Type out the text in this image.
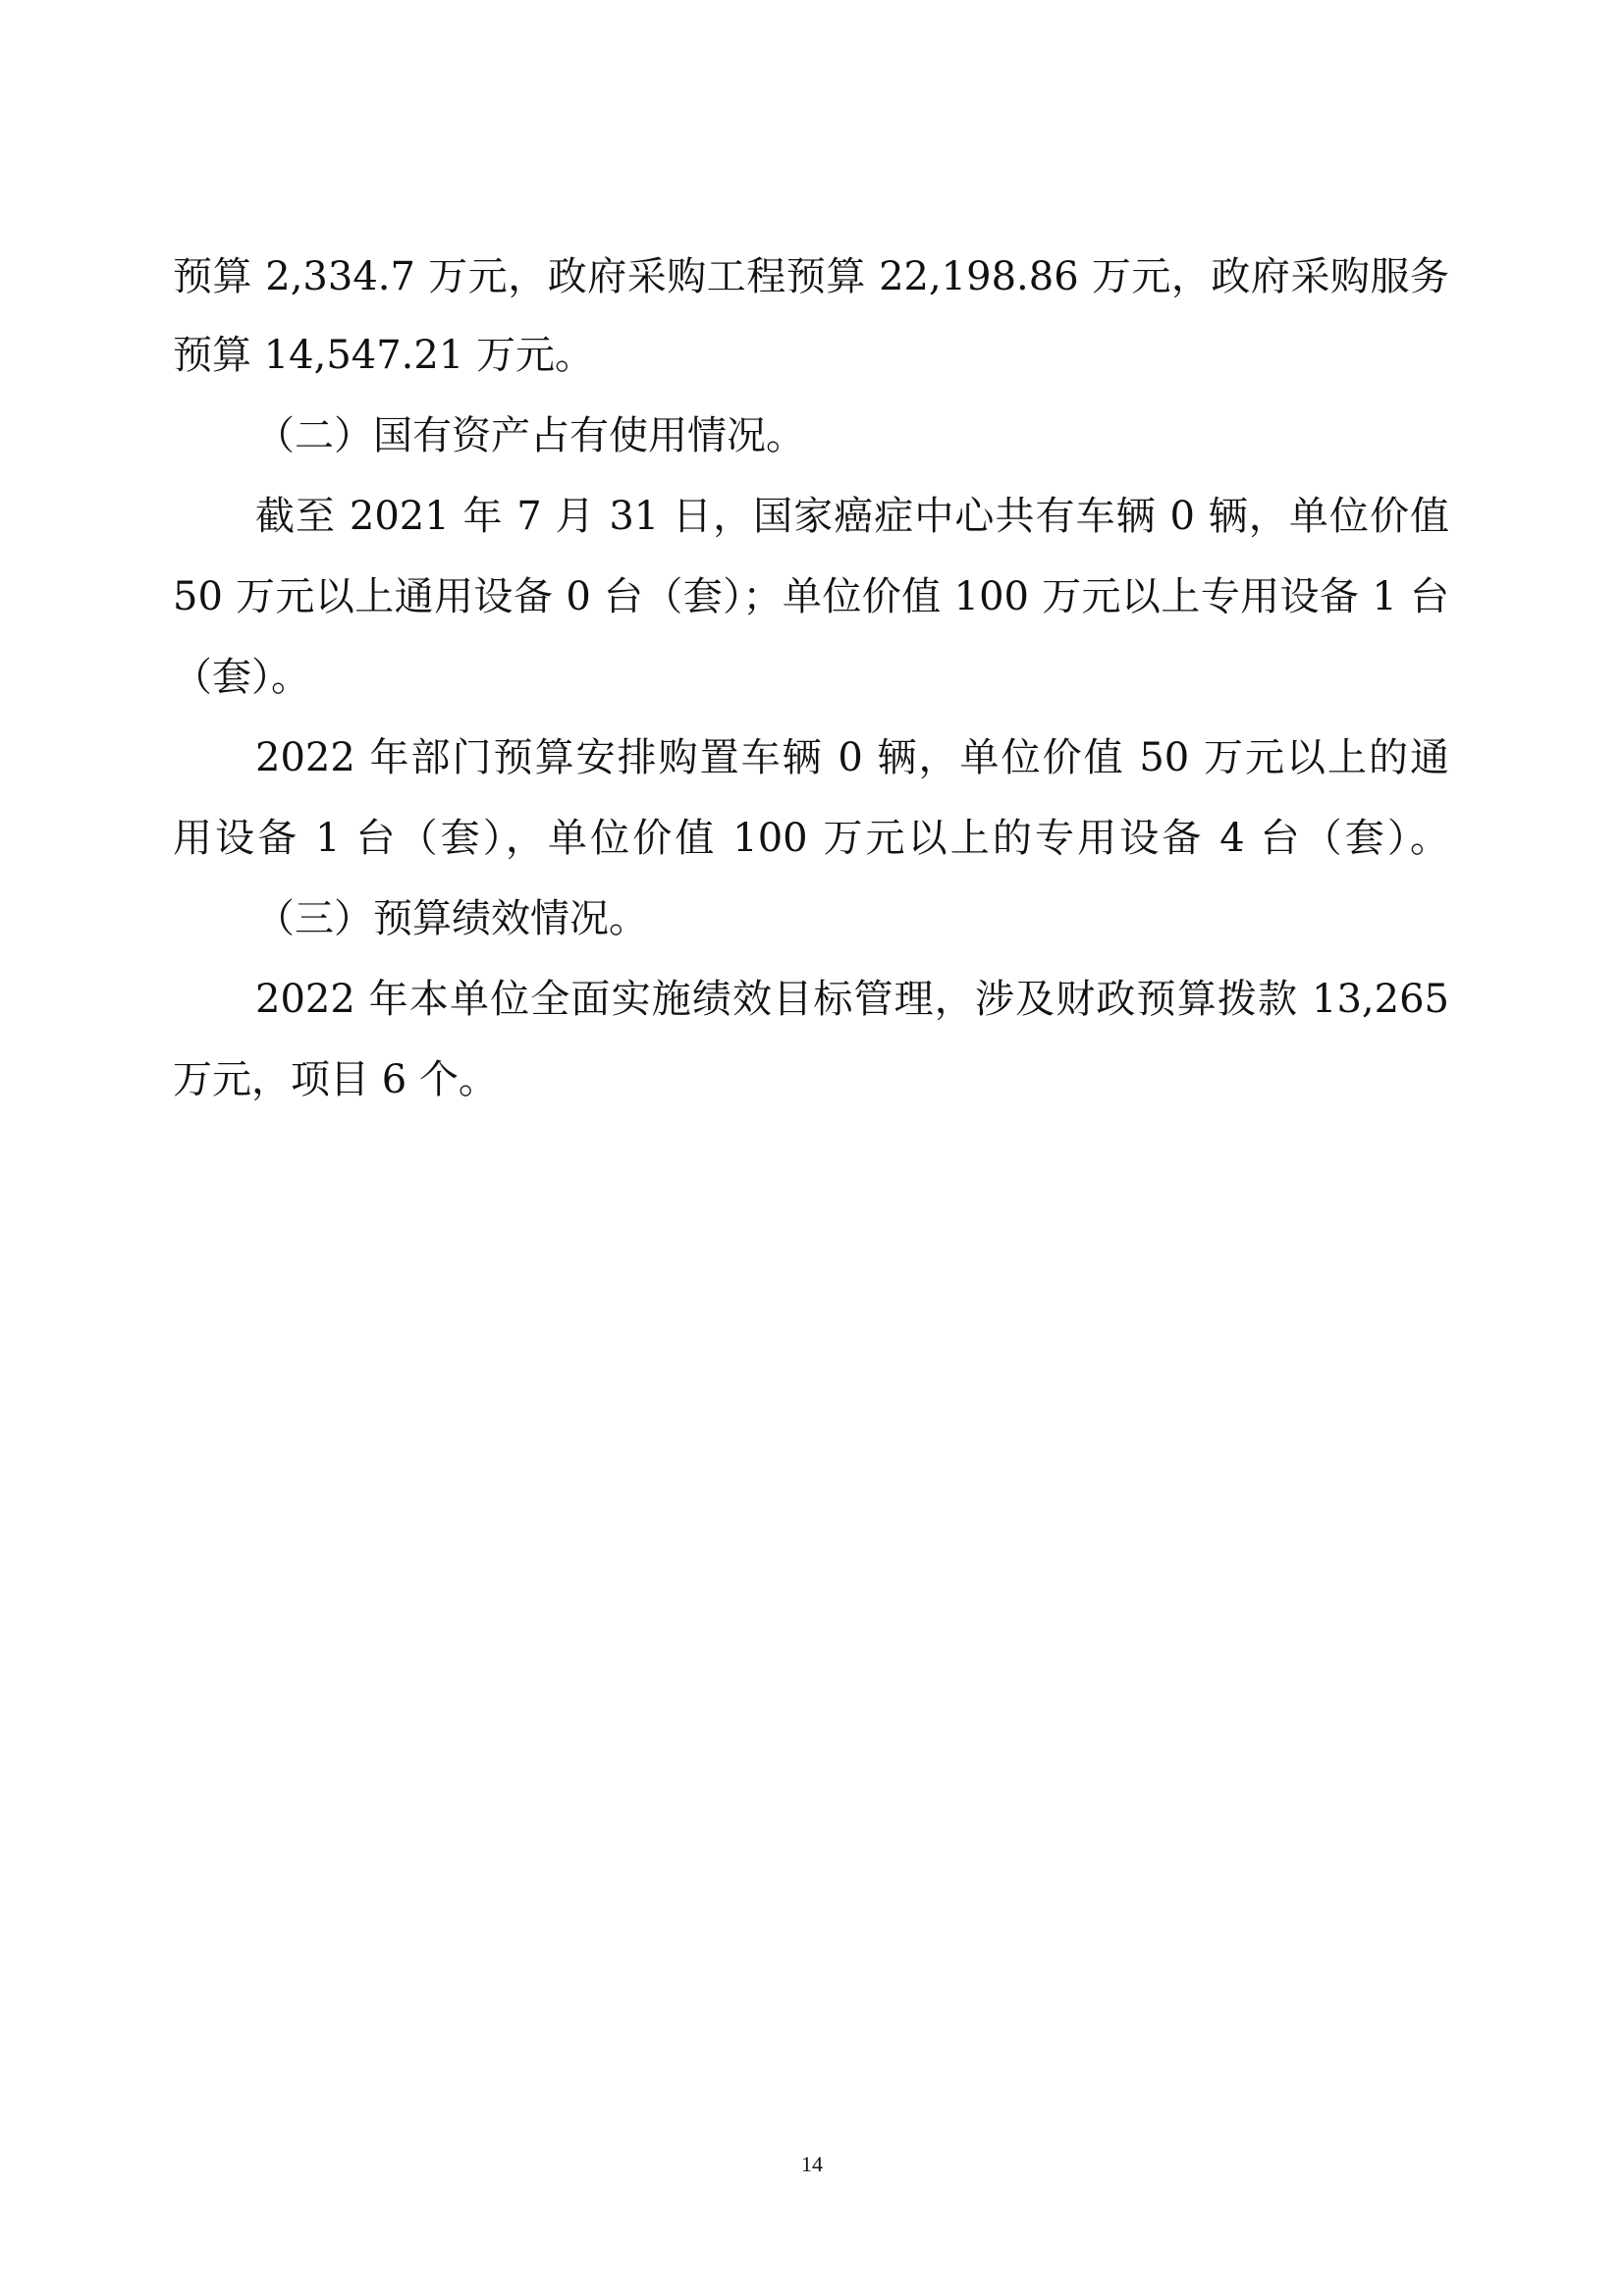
预算 2,334.7 万元，政府采购工程预算 22,198.86 万元，政府采购服务

预算 14,547.21 万元。

（二）国有资产占有使用情况。

截至 2021 年 7 月 31 日，国家癌症中心共有车辆 0 辆，单位价值

50 万元以上通用设备 0 台（套）；单位价值 100 万元以上专用设备 1 台

（套）。

2022 年部门预算安排购置车辆 0 辆，单位价值 50 万元以上的通

用设备 1 台（套），单位价值 100 万元以上的专用设备 4 台（套）。

（三）预算绩效情况。

2022 年本单位全面实施绩效目标管理，涉及财政预算拨款 13,265

万元，项目 6 个。

14
